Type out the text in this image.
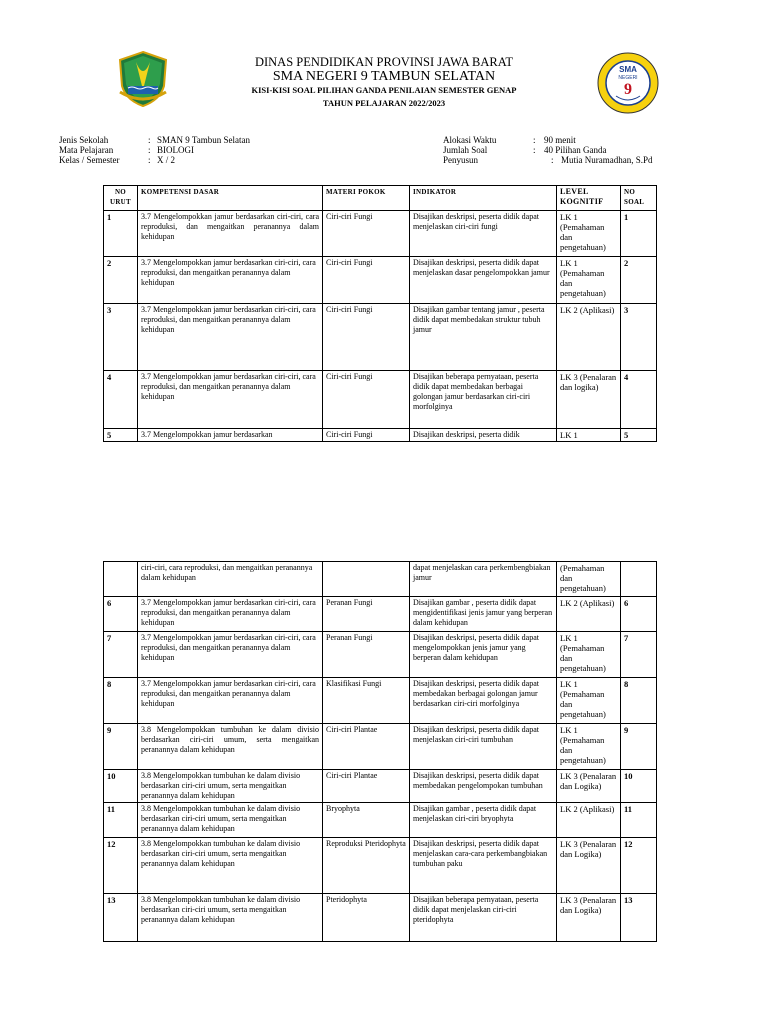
SMA
NEGERI
9
DINAS PENDIDIKAN PROVINSI JAWA BARAT
SMA NEGERI 9 TAMBUN SELATAN
KISI-KISI SOAL PILIHAN GANDA PENILAIAN SEMESTER GENAP
TAHUN PELAJARAN 2022/2023
Jenis Sekolah	: SMAN 9 Tambun Selatan
Mata Pelajaran	: BIOLOGI
Kelas / Semester	: X / 2
Alokasi Waktu	: 90 menit
Jumlah Soal	: 40 Pilihan Ganda
Penyusun	: Mutia Nuramadhan, S.Pd
NO URUT	KOMPETENSI DASAR	MATERI POKOK	INDIKATOR	LEVEL KOGNITIF	NO SOAL
1	3.7 Mengelompokkan jamur berdasarkan ciri-ciri, cara reproduksi, dan mengaitkan peranannya dalam kehidupan	Ciri-ciri Fungi	Disajikan deskripsi, peserta didik dapat menjelaskan ciri-ciri fungi	LK 1 (Pemahaman dan pengetahuan)	1
2	3.7 Mengelompokkan jamur berdasarkan ciri-ciri, cara reproduksi, dan mengaitkan peranannya dalam kehidupan	Ciri-ciri Fungi	Disajikan deskripsi, peserta didik dapat menjelaskan dasar pengelompokkan jamur	LK 1 (Pemahaman dan pengetahuan)	2
3	3.7 Mengelompokkan jamur berdasarkan ciri-ciri, cara reproduksi, dan mengaitkan peranannya dalam kehidupan	Ciri-ciri Fungi	Disajikan gambar tentang jamur , peserta didik dapat membedakan struktur tubuh jamur	LK 2 (Aplikasi)	3
4	3.7 Mengelompokkan jamur berdasarkan ciri-ciri, cara reproduksi, dan mengaitkan peranannya dalam kehidupan	Ciri-ciri Fungi	Disajikan beberapa pernyataan, peserta didik dapat membedakan berbagai golongan jamur berdasarkan ciri-ciri morfolginya	LK 3 (Penalaran dan logika)	4
5	3.7 Mengelompokkan jamur berdasarkan	Ciri-ciri Fungi	Disajikan deskripsi, peserta didik	LK 1	5
	ciri-ciri, cara reproduksi, dan mengaitkan peranannya dalam kehidupan		dapat menjelaskan cara perkembengbiakan jamur	(Pemahaman dan pengetahuan)	
6	3.7 Mengelompokkan jamur berdasarkan ciri-ciri, cara reproduksi, dan mengaitkan peranannya dalam kehidupan	Peranan Fungi	Disajikan gambar , peserta didik dapat mengidentifikasi jenis jamur yang berperan dalam kehidupan	LK 2 (Aplikasi)	6
7	3.7 Mengelompokkan jamur berdasarkan ciri-ciri, cara reproduksi, dan mengaitkan peranannya dalam kehidupan	Peranan Fungi	Disajikan deskripsi, peserta didik dapat mengelompokkan jenis jamur yang berperan dalam kehidupan	LK 1 (Pemahaman dan pengetahuan)	7
8	3.7 Mengelompokkan jamur berdasarkan ciri-ciri, cara reproduksi, dan mengaitkan peranannya dalam kehidupan	Klasifikasi Fungi	Disajikan deskripsi, peserta didik dapat membedakan berbagai golongan jamur berdasarkan ciri-ciri morfolginya	LK 1 (Pemahaman dan pengetahuan)	8
9	3.8 Mengelompokkan tumbuhan ke dalam divisio berdasarkan ciri-ciri umum, serta mengaitkan peranannya dalam kehidupan	Ciri-ciri Plantae	Disajikan deskripsi, peserta didik dapat menjelaskan ciri-ciri tumbuhan	LK 1 (Pemahaman dan pengetahuan)	9
10	3.8 Mengelompokkan tumbuhan ke dalam divisio berdasarkan ciri-ciri umum, serta mengaitkan peranannya dalam kehidupan	Ciri-ciri Plantae	Disajikan deskripsi, peserta didik dapat membedakan pengelompokan tumbuhan	LK 3 (Penalaran dan Logika)	10
11	3.8 Mengelompokkan tumbuhan ke dalam divisio berdasarkan ciri-ciri umum, serta mengaitkan peranannya dalam kehidupan	Bryophyta	Disajikan gambar , peserta didik dapat menjelaskan ciri-ciri bryophyta	LK 2 (Aplikasi)	11
12	3.8 Mengelompokkan tumbuhan ke dalam divisio berdasarkan ciri-ciri umum, serta mengaitkan peranannya dalam kehidupan	Reproduksi Pteridophyta	Disajikan deskripsi, peserta didik dapat menjelaskan cara-cara perkembangbiakan tumbuhan paku	LK 3 (Penalaran dan Logika)	12
13	3.8 Mengelompokkan tumbuhan ke dalam divisio berdasarkan ciri-ciri umum, serta mengaitkan peranannya dalam kehidupan	Pteridophyta	Disajikan beberapa pernyataan, peserta didik dapat menjelaskan ciri-ciri pteridophyta	LK 3 (Penalaran dan Logika)	13
